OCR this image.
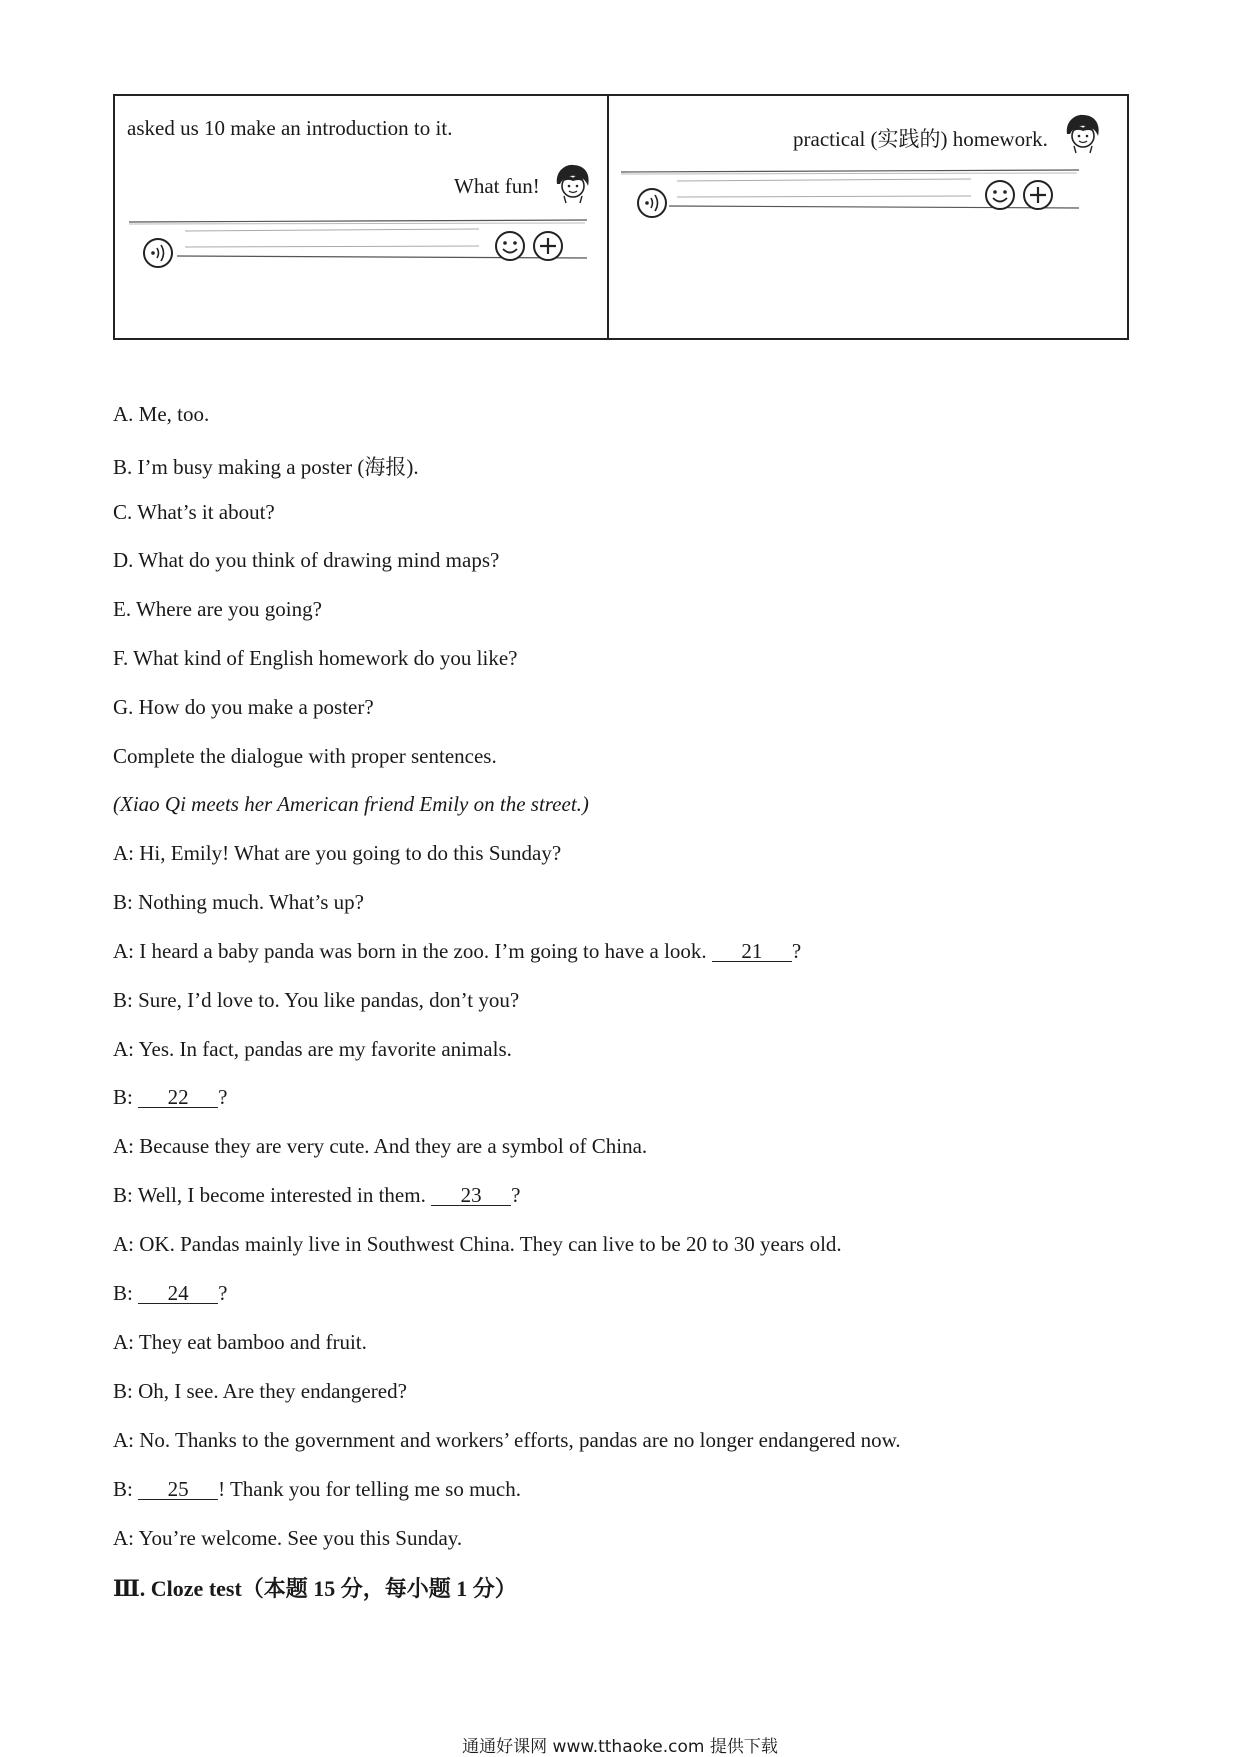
asked us 10 make an introduction to it.
What fun!
practical (实践的) homework.
A. Me, too.
B. I’m busy making a poster (海报).
C. What’s it about?
D. What do you think of drawing mind maps?
E. Where are you going?
F. What kind of English homework do you like?
G. How do you make a poster?
Complete the dialogue with proper sentences.
(Xiao Qi meets her American friend Emily on the street.)
A: Hi, Emily! What are you going to do this Sunday?
B: Nothing much. What’s up?
A: I heard a baby panda was born in the zoo. I’m going to have a look. 21 ?
B: Sure, I’d love to. You like pandas, don’t you?
A: Yes. In fact, pandas are my favorite animals.
B: 22 ?
A: Because they are very cute. And they are a symbol of China.
B: Well, I become interested in them. 23 ?
A: OK. Pandas mainly live in Southwest China. They can live to be 20 to 30 years old.
B: 24 ?
A: They eat bamboo and fruit.
B: Oh, I see. Are they endangered?
A: No. Thanks to the government and workers’ efforts, pandas are no longer endangered now.
B: 25 ! Thank you for telling me so much.
A: You’re welcome. See you this Sunday.
Ⅲ. Cloze test（本题 15 分，每小题 1 分）
通通好课网 www.tthaoke.com 提供下载
